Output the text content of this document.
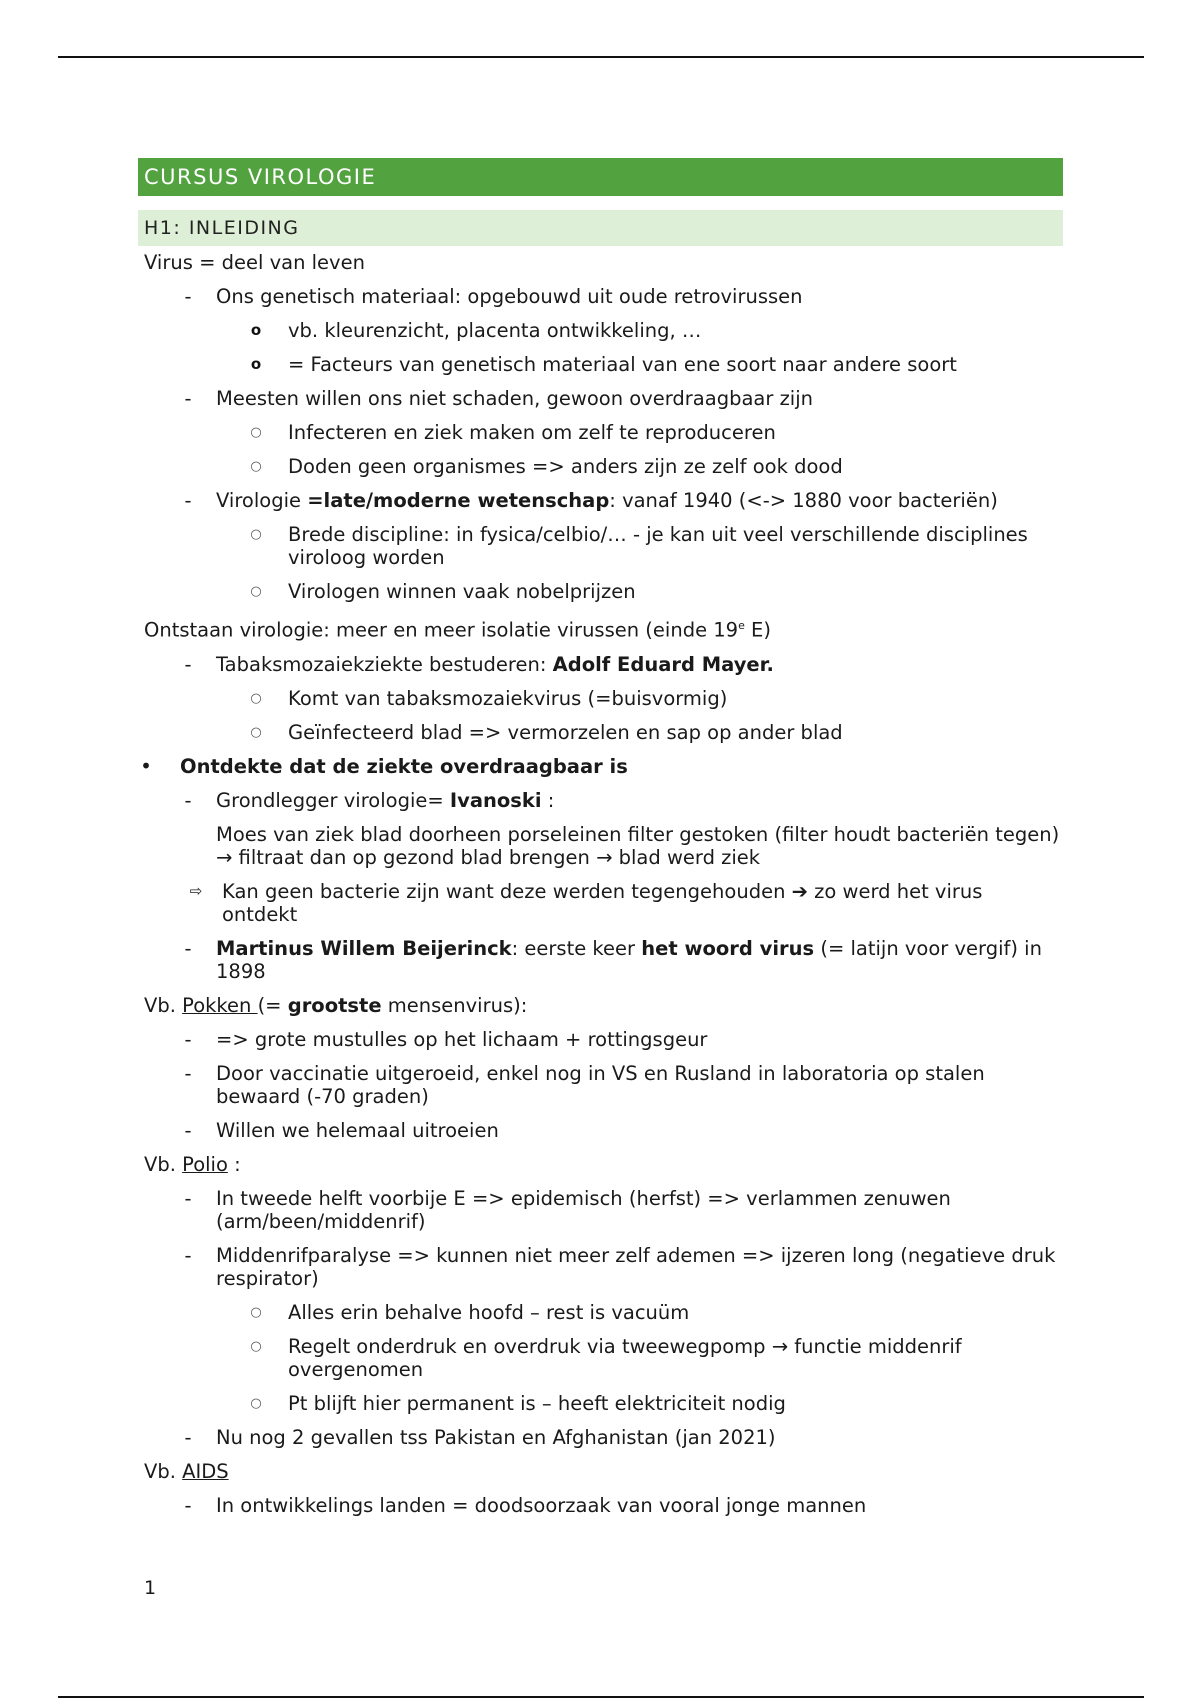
CURSUS VIROLOGIE
H1: INLEIDING
Virus = deel van leven
-	Ons genetisch materiaal: opgebouwd uit oude retrovirussen
o vb. kleurenzicht, placenta ontwikkeling, …
o = Facteurs van genetisch materiaal van ene soort naar andere soort
-	Meesten willen ons niet schaden, gewoon overdraagbaar zijn
○ Infecteren en ziek maken om zelf te reproduceren
○ Doden geen organismes => anders zijn ze zelf ook dood
-	Virologie =late/moderne wetenschap: vanaf 1940 (<-> 1880 voor bacteriën)
○ Brede discipline: in fysica/celbio/… - je kan uit veel verschillende disciplines viroloog worden
○ Virologen winnen vaak nobelprijzen
Ontstaan virologie: meer en meer isolatie virussen (einde 19e E)
-	Tabaksmozaiekziekte bestuderen: Adolf Eduard Mayer.
○ Komt van tabaksmozaiekvirus (=buisvormig)
○ Geïnfecteerd blad => vermorzelen en sap op ander blad
• Ontdekte dat de ziekte overdraagbaar is
-	Grondlegger virologie= Ivanoski :
Moes van ziek blad doorheen porseleinen filter gestoken (filter houdt bacteriën tegen) → filtraat dan op gezond blad brengen → blad werd ziek
⇨ Kan geen bacterie zijn want deze werden tegengehouden ➔ zo werd het virus ontdekt
-	Martinus Willem Beijerinck: eerste keer het woord virus (= latijn voor vergif) in 1898
Vb. Pokken (= grootste mensenvirus):
-	=> grote mustulles op het lichaam + rottingsgeur
-	Door vaccinatie uitgeroeid, enkel nog in VS en Rusland in laboratoria op stalen bewaard (-70 graden)
-	Willen we helemaal uitroeien
Vb. Polio :
-	In tweede helft voorbije E => epidemisch (herfst) => verlammen zenuwen (arm/been/middenrif)
-	Middenrifparalyse => kunnen niet meer zelf ademen => ijzeren long (negatieve druk respirator)
○ Alles erin behalve hoofd – rest is vacuüm
○ Regelt onderdruk en overdruk via tweewegpomp → functie middenrif overgenomen
○ Pt blijft hier permanent is – heeft elektriciteit nodig
-	Nu nog 2 gevallen tss Pakistan en Afghanistan (jan 2021)
Vb. AIDS
-	In ontwikkelings landen = doodsoorzaak van vooral jonge mannen
1
